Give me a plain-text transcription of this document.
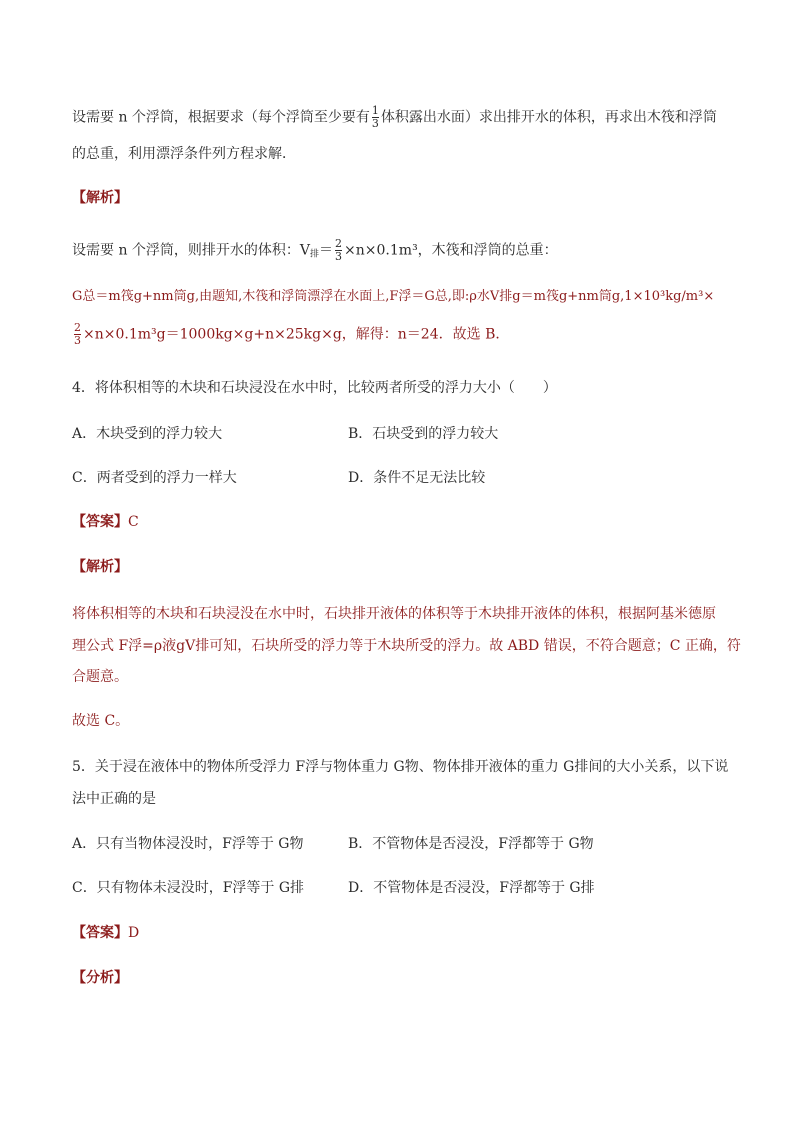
设需要 n 个浮筒，根据要求（每个浮筒至少要有 $\frac{1}{3}$ 体积露出水面）求出排开水的体积，再求出木筏和浮筒
的总重，利用漂浮条件列方程求解．
【解析】
设需要 n 个浮筒，则排开水的体积：$V_排= \frac{2}{3} \times n\times 0.1m^3$，木筏和浮筒的总重：
G总＝m筏g+nm筒g,由题知,木筏和浮筒漂浮在水面上,F浮＝G总,即:ρ水V排g＝m筏g+nm筒g,1×10³kg/m³×
$\frac{2}{3} \times n\times 0.1m^3g=1000kg\times g+n\times 25kg\times g$，解得：n＝24．故选 B．
4．将体积相等的木块和石块浸没在水中时，比较两者所受的浮力大小（　　）
A．木块受到的浮力较大	B．石块受到的浮力较大
C．两者受到的浮力一样大	D．条件不足无法比较
【答案】C
【解析】
将体积相等的木块和石块浸没在水中时，石块排开液体的体积等于木块排开液体的体积，根据阿基米德原
理公式 F浮=ρ液gV排可知，石块所受的浮力等于木块所受的浮力。故 ABD 错误，不符合题意；C 正确，符
合题意。
故选 C。
5．关于浸在液体中的物体所受浮力 F浮与物体重力 G物、物体排开液体的重力 G排间的大小关系，以下说
法中正确的是
A．只有当物体浸没时，F浮等于 G物	B．不管物体是否浸没，F浮都等于 G物
C．只有物体未浸没时，F浮等于 G排	D．不管物体是否浸没，F浮都等于 G排
【答案】D
【分析】
